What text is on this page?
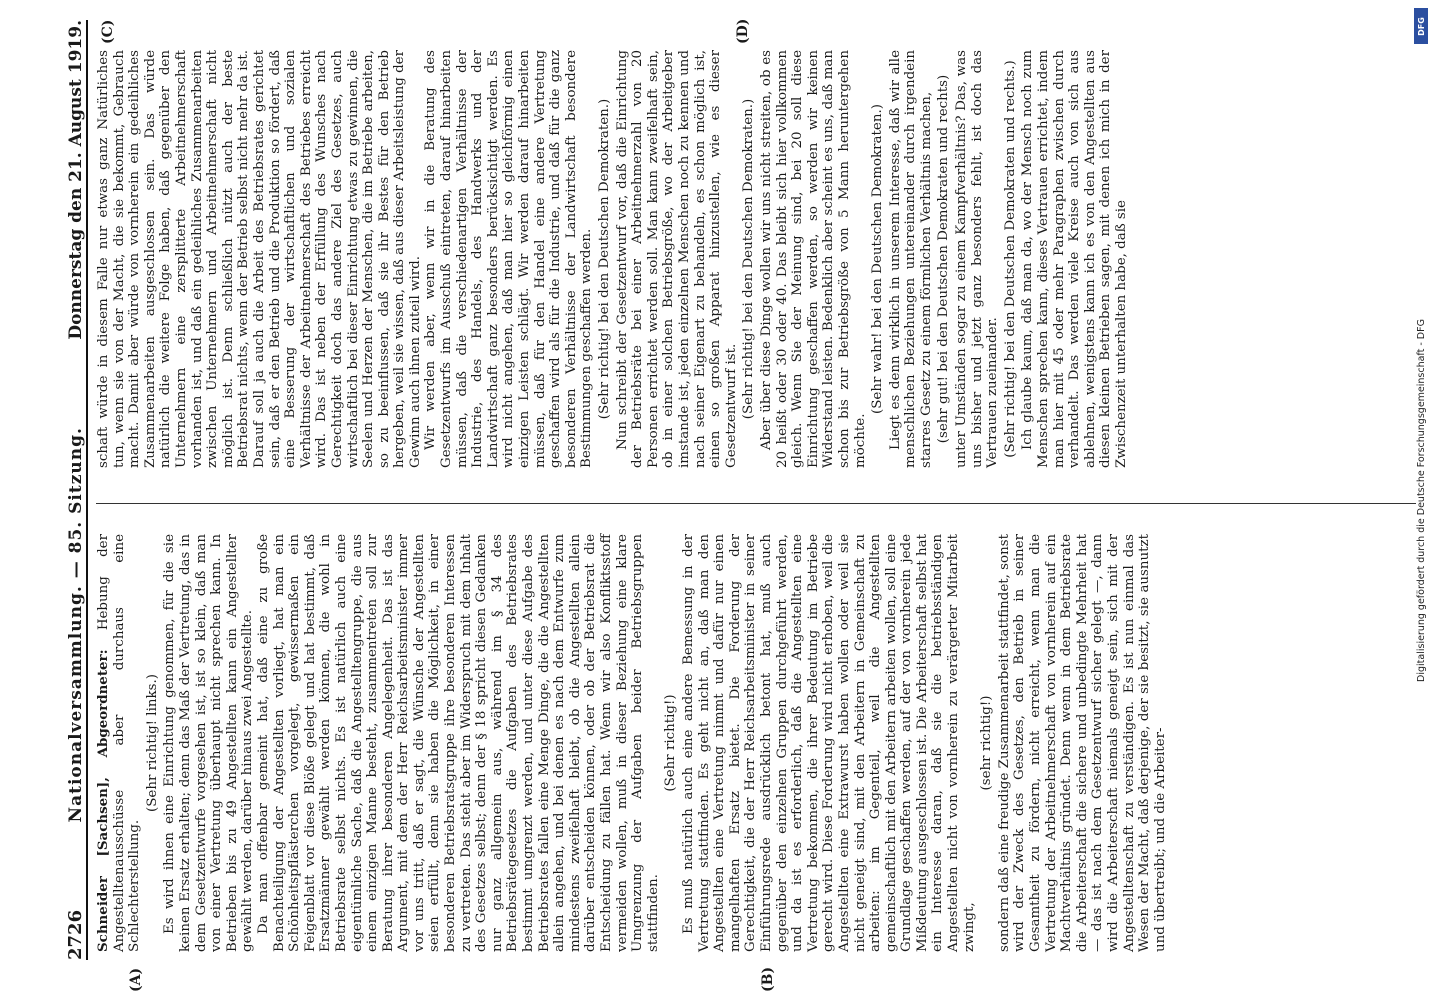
2726
Nationalversammlung. — 85. Sitzung.
Donnerstag den 21. August 1919.
(A)	(B)
(C)	(D)

Schneider [Sachsen], Abgeordneter: Hebung der Angestelltenausschüsse aber durchaus eine Schlechterstellung.

(Sehr richtig! links.) Es wird ihnen eine Einrichtung genommen, für die sie keinen Ersatz erhalten; denn das Maß der Vertretung, das in dem Gesetzentwurfe vorgesehen ist, ist so klein, daß man von einer Vertretung überhaupt nicht sprechen kann. In Betrieben bis zu 49 Angestellten kann ein Angestellter gewählt werden, darüber hinaus zwei Angestellte. Da man offenbar gemeint hat, daß eine zu große Benachteiligung der Angestellten vorliegt, hat man ein Schönheitspflästerchen vorgelegt, gewissermaßen ein Feigenblatt vor diese Blöße gelegt und hat bestimmt, daß Ersatzmänner gewählt werden können, die wohl in Betriebsrate selbst nichts. Es ist natürlich auch eine eigentümliche Sache, daß die Angestelltengruppe, die aus einem einzigen Manne besteht, zusammentreten soll zur Beratung ihrer besonderen Angelegenheit. Das ist das Argument, mit dem der Herr Reichsarbeitsminister immer vor uns tritt, daß er sagt, die Wünsche der Angestellten seien erfüllt, denn sie haben die Möglichkeit, in einer besonderen Betriebsratsgruppe ihre besonderen Interessen zu vertreten. Das steht aber im Widerspruch mit dem Inhalt des Gesetzes selbst; denn der § 18 spricht diesen Gedanken nur ganz allgemein aus, während im § 34 des Betriebsrätegesetzes die Aufgaben des Betriebsrates bestimmt umgrenzt werden, und unter diese Aufgabe des Betriebsrates fallen eine Menge Dinge, die die Angestellten allein angehen, und bei denen es nach dem Entwurfe zum mindestens zweifelhaft bleibt, ob die Angestellten allein darüber entscheiden können, oder ob der Betriebsrat die Entscheidung zu fällen hat. Wenn wir also Konfliktsstoff vermeiden wollen, muß in dieser Beziehung eine klare Umgrenzung der Aufgaben beider Betriebsgruppen stattfinden.

(Sehr richtig!) Es muß natürlich auch eine andere Bemessung in der Vertretung stattfinden. Es geht nicht an, daß man den Angestellten eine Vertretung nimmt und dafür nur einen mangelhaften Ersatz bietet. Die Forderung der Gerechtigkeit, die der Herr Reichsarbeitsminister in seiner Einführungsrede ausdrücklich betont hat, muß auch gegenüber den einzelnen Gruppen durchgeführt werden, und da ist es erforderlich, daß die Angestellten eine Vertretung bekommen, die ihrer Bedeutung im Betriebe gerecht wird. Diese Forderung wird nicht erhoben, weil die Angestellten eine Extrawurst haben wollen oder weil sie nicht geneigt sind, mit den Arbeitern in Gemeinschaft zu arbeiten: im Gegenteil, weil die Angestellten gemeinschaftlich mit den Arbeitern arbeiten wollen, soll eine Grundlage geschaffen werden, auf der von vornherein jede Mißdeutung ausgeschlossen ist. Die Arbeiterschaft selbst hat ein Interesse daran, daß sie die betriebsständigen Angestellten nicht von vornherein zu verärgerter Mitarbeit zwingt,

(sehr richtig!) sondern daß eine freudige Zusammenarbeit stattfindet, sonst wird der Zweck des Gesetzes, den Betrieb in seiner Gesamtheit zu fördern, nicht erreicht, wenn man die Vertretung der Arbeitnehmerschaft von vornherein auf ein Machtverhältnis gründet. Denn wenn in dem Betriebsrate die Arbeiterschaft die sichere und unbedingte Mehrheit hat — das ist nach dem Gesetzentwurf sicher gelegt —, dann wird die Arbeiterschaft niemals geneigt sein, sich mit der Angestelltenschaft zu verständigen. Es ist nun einmal das Wesen der Macht, daß derjenige, der sie besitzt, sie ausnutzt und übertreibt; und die Arbeiter-

schaft würde in diesem Falle nur etwas ganz Natürliches tun, wenn sie von der Macht, die sie bekommt, Gebrauch macht. Damit aber würde von vornherein ein gedeihliches Zusammenarbeiten ausgeschlossen sein. Das würde natürlich die weitere Folge haben, daß gegenüber den Unternehmern eine zersplitterte Arbeitnehmerschaft vorhanden ist, und daß ein gedeihliches Zusammenarbeiten zwischen Unternehmern und Arbeitnehmerschaft nicht möglich ist. Denn schließlich nützt auch der beste Betriebsrat nichts, wenn der Betrieb selbst nicht mehr da ist. Darauf soll ja auch die Arbeit des Betriebsrates gerichtet sein, daß er den Betrieb und die Produktion so fördert, daß eine Besserung der wirtschaftlichen und sozialen Verhältnisse der Arbeitnehmerschaft des Betriebes erreicht wird. Das ist neben der Erfüllung des Wunsches nach Gerechtigkeit doch das andere Ziel des Gesetzes, auch wirtschaftlich bei dieser Einrichtung etwas zu gewinnen, die Seelen und Herzen der Menschen, die im Betriebe arbeiten, so zu beeinflussen, daß sie ihr Bestes für den Betrieb hergeben, weil sie wissen, daß aus dieser Arbeitsleistung der Gewinn auch ihnen zuteil wird. Wir werden aber, wenn wir in die Beratung des Gesetzentwurfs im Ausschuß eintreten, darauf hinarbeiten müssen, daß die verschiedenartigen Verhältnisse der Industrie, des Handels, des Handwerks und der Landwirtschaft ganz besonders berücksichtigt werden. Es wird nicht angehen, daß man hier so gleichförmig einen einzigen Leisten schlägt. Wir werden darauf hinarbeiten müssen, daß für den Handel eine andere Vertretung geschaffen wird als für die Industrie, und daß für die ganz besonderen Verhältnisse der Landwirtschaft besondere Bestimmungen geschaffen werden. (Sehr richtig! bei den Deutschen Demokraten.) Nun schreibt der Gesetzentwurf vor, daß die Einrichtung der Betriebsräte bei einer Arbeitnehmerzahl von 20 Personen errichtet werden soll. Man kann zweifelhaft sein, ob in einer solchen Betriebsgröße, wo der Arbeitgeber imstande ist, jeden einzelnen Menschen noch zu kennen und nach seiner Eigenart zu behandeln, es schon möglich ist, einen so großen Apparat hinzustellen, wie es dieser Gesetzentwurf ist. (Sehr richtig! bei den Deutschen Demokraten.) Aber über diese Dinge wollen wir uns nicht streiten, ob es 20 heißt oder 30 oder 40. Das bleibt sich hier vollkommen gleich. Wenn Sie der Meinung sind, bei 20 soll diese Einrichtung geschaffen werden, so werden wir keinen Widerstand leisten. Bedenklich aber scheint es uns, daß man schon bis zur Betriebsgröße von 5 Mann heruntergehen möchte.

(Sehr wahr! bei den Deutschen Demokraten.) Liegt es denn wirklich in unserem Interesse, daß wir alle menschlichen Beziehungen untereinander durch irgendein starres Gesetz zu einem förmlichen Verhältnis machen, (sehr gut! bei den Deutschen Demokraten und rechts) unter Umständen sogar zu einem Kampfverhältnis? Das, was uns bisher und jetzt ganz besonders fehlt, ist doch das Vertrauen zueinander. (Sehr richtig! bei den Deutschen Demokraten und rechts.) Ich glaube kaum, daß man da, wo der Mensch noch zum Menschen sprechen kann, dieses Vertrauen errichtet, indem man hier mit 45 oder mehr Paragraphen zwischen durch verhandelt. Das werden viele Kreise auch von sich aus ablehnen, wenigstens kann ich es von den Angestellten aus diesen kleinen Betrieben sagen, mit denen ich mich in der Zwischenzeit unterhalten habe, daß sie

DFG
Digitalisierung gefördert durch die Deutsche Forschungsgemeinschaft - DFG
